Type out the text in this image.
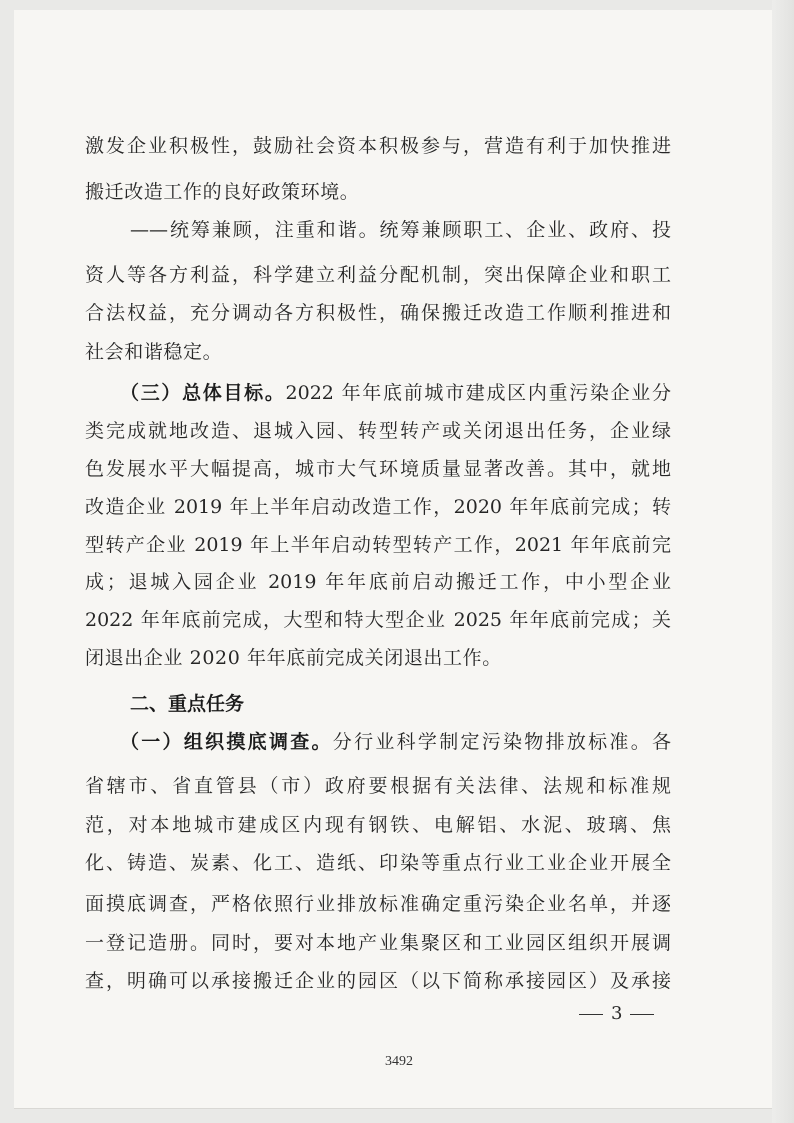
激发企业积极性，鼓励社会资本积极参与，营造有利于加快推进
搬迁改造工作的良好政策环境。
——统筹兼顾，注重和谐。统筹兼顾职工、企业、政府、投
资人等各方利益，科学建立利益分配机制，突出保障企业和职工
合法权益，充分调动各方积极性，确保搬迁改造工作顺利推进和
社会和谐稳定。
（三）总体目标。2022 年年底前城市建成区内重污染企业分
类完成就地改造、退城入园、转型转产或关闭退出任务，企业绿
色发展水平大幅提高，城市大气环境质量显著改善。其中，就地
改造企业 2019 年上半年启动改造工作，2020 年年底前完成；转
型转产企业 2019 年上半年启动转型转产工作，2021 年年底前完
成；退城入园企业 2019 年年底前启动搬迁工作，中小型企业
2022 年年底前完成，大型和特大型企业 2025 年年底前完成；关
闭退出企业 2020 年年底前完成关闭退出工作。
二、重点任务
（一）组织摸底调查。分行业科学制定污染物排放标准。各
省辖市、省直管县（市）政府要根据有关法律、法规和标准规
范，对本地城市建成区内现有钢铁、电解铝、水泥、玻璃、焦
化、铸造、炭素、化工、造纸、印染等重点行业工业企业开展全
面摸底调查，严格依照行业排放标准确定重污染企业名单，并逐
一登记造册。同时，要对本地产业集聚区和工业园区组织开展调
查，明确可以承接搬迁企业的园区（以下简称承接园区）及承接
3
3492
